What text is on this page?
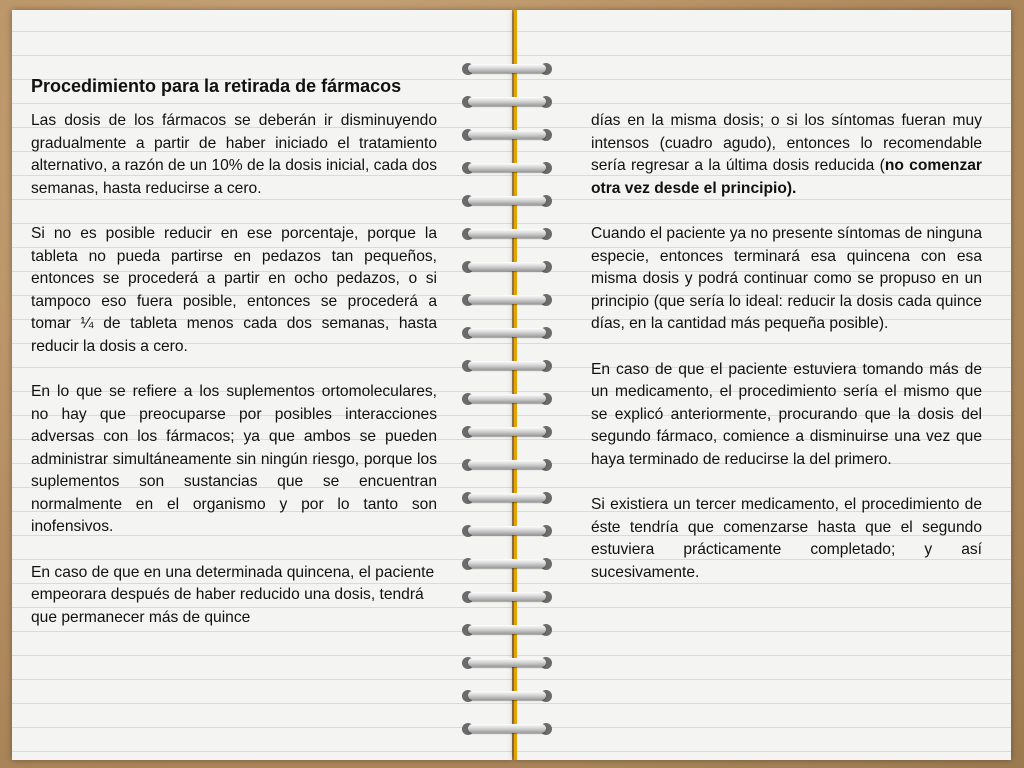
Procedimiento para la retirada de fármacos

Las dosis de los fármacos se deberán ir disminuyendo gradualmente a partir de haber iniciado el tratamiento alternativo, a razón de un 10% de la dosis inicial, cada dos semanas, hasta reducirse a cero.

Si no es posible reducir en ese porcentaje, porque la tableta no pueda partirse en pedazos tan pequeños, entonces se procederá a partir en ocho pedazos, o si tampoco eso fuera posible, entonces se procederá a tomar ¼ de tableta menos cada dos semanas, hasta reducir la dosis a cero.

En lo que se refiere a los suplementos ortomoleculares, no hay que preocuparse por posibles interacciones adversas con los fármacos; ya que ambos se pueden administrar simultáneamente sin ningún riesgo, porque los suplementos son sustancias que se encuentran normalmente en el organismo y por lo tanto son inofensivos.

En caso de que en una determinada quincena, el paciente empeorara después de haber reducido una dosis, tendrá que permanecer más de quince

días en la misma dosis; o si los síntomas fueran muy intensos (cuadro agudo), entonces lo recomendable sería regresar a la última dosis reducida (no comenzar otra vez desde el principio).

Cuando el paciente ya no presente síntomas de ninguna especie, entonces terminará esa quincena con esa misma dosis y podrá continuar como se propuso en un principio (que sería lo ideal: reducir la dosis cada quince días, en la cantidad más pequeña posible).

En caso de que el paciente estuviera tomando más de un medicamento, el procedimiento sería el mismo que se explicó anteriormente, procurando que la dosis del segundo fármaco, comience a disminuirse una vez que haya terminado de reducirse la del primero.

Si existiera un tercer medicamento, el procedimiento de éste tendría que comenzarse hasta que el segundo estuviera prácticamente completado; y así sucesivamente.
